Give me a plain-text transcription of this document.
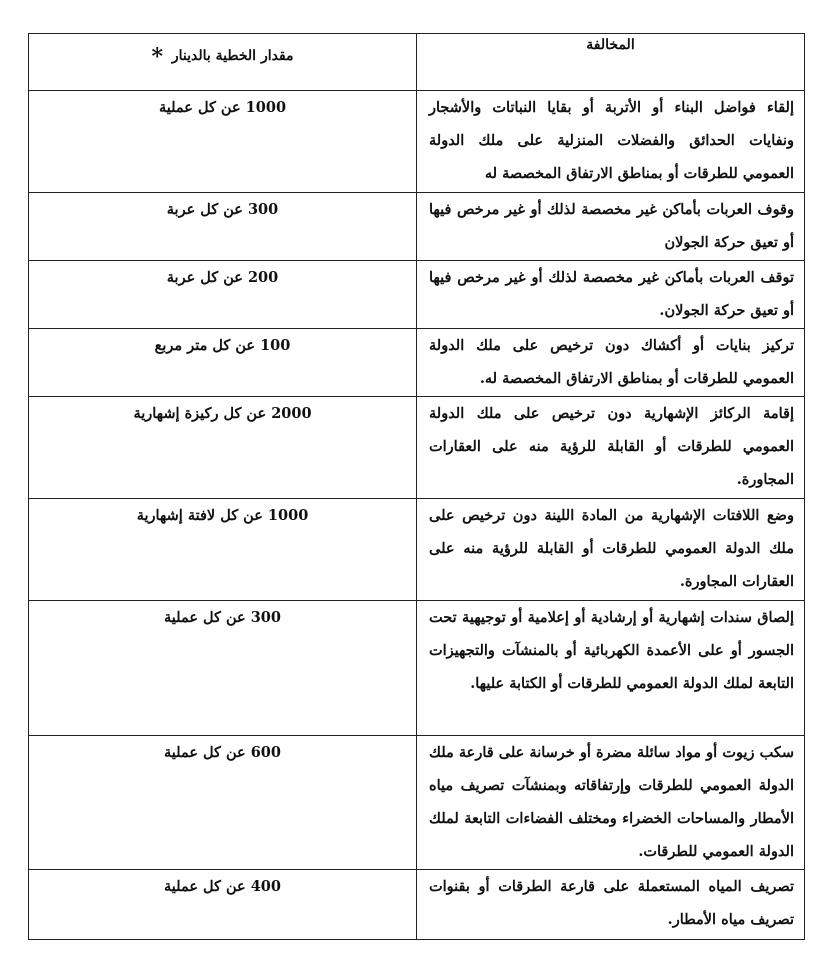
المخالفة	مقدار الخطية بالدينار *

إلقاء فواضل البناء أو الأتربة أو بقايا النباتات والأشجار ونفايات الحدائق والفضلات المنزلية على ملك الدولة العمومي للطرقات أو بمناطق الارتفاق المخصصة له	1000 عن كل عملية

وقوف العربات بأماكن غير مخصصة لذلك أو غير مرخص فيها أو تعيق حركة الجولان	300 عن كل عربة

توقف العربات بأماكن غير مخصصة لذلك أو غير مرخص فيها أو تعيق حركة الجولان.	200 عن كل عربة

تركيز بنايات أو أكشاك دون ترخيص على ملك الدولة العمومي للطرقات أو بمناطق الارتفاق المخصصة له.	100 عن كل متر مربع

إقامة الركائز الإشهارية دون ترخيص على ملك الدولة العمومي للطرقات أو القابلة للرؤية منه على العقارات المجاورة.	2000 عن كل ركيزة إشهارية

وضع اللافتات الإشهارية من المادة اللينة دون ترخيص على ملك الدولة العمومي للطرقات أو القابلة للرؤية منه على العقارات المجاورة.	1000 عن كل لافتة إشهارية

إلصاق سندات إشهارية أو إرشادية أو إعلامية أو توجيهية تحت الجسور أو على الأعمدة الكهربائية أو بالمنشآت والتجهيزات التابعة لملك الدولة العمومي للطرقات أو الكتابة عليها.	300 عن كل عملية

سكب زيوت أو مواد سائلة مضرة أو خرسانة على قارعة ملك الدولة العمومي للطرقات وإرتفاقاته وبمنشآت تصريف مياه الأمطار والمساحات الخضراء ومختلف الفضاءات التابعة لملك الدولة العمومي للطرقات.	600 عن كل عملية

تصريف المياه المستعملة على قارعة الطرقات أو بقنوات تصريف مياه الأمطار.	400 عن كل عملية
